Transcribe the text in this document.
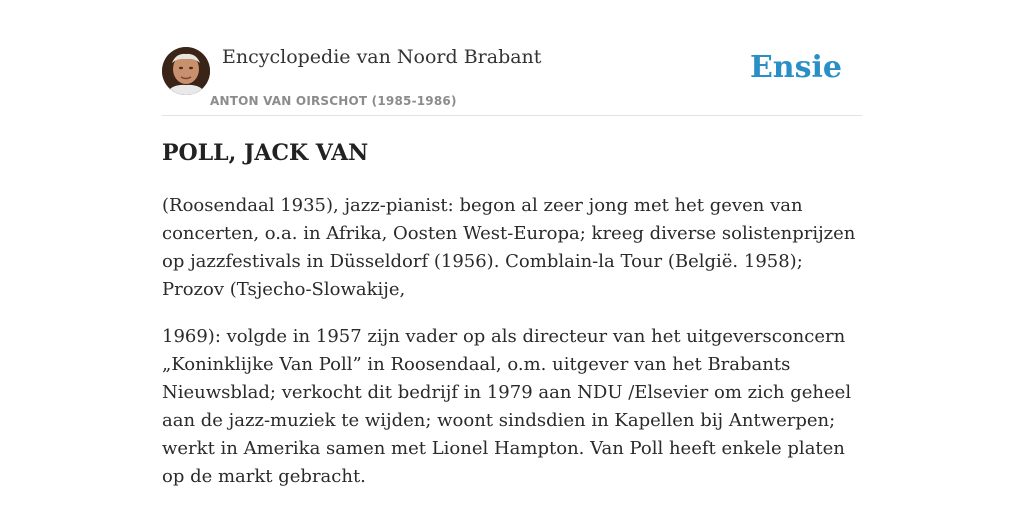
Encyclopedie van Noord Brabant
ANTON VAN OIRSCHOT (1985-1986)
Ensie
POLL, JACK VAN

(Roosendaal 1935), jazz-pianist: begon al zeer jong met het geven van concerten, o.a. in Afrika, Oosten West-Europa; kreeg diverse solistenprijzen op jazzfestivals in Düsseldorf (1956). Comblain-la Tour (België. 1958); Prozov (Tsjecho-Slowakije,

1969): volgde in 1957 zijn vader op als directeur van het uitgeversconcern „Koninklijke Van Poll” in Roosendaal, o.m. uitgever van het Brabants Nieuwsblad; verkocht dit bedrijf in 1979 aan NDU /Elsevier om zich geheel aan de jazz-muziek te wijden; woont sindsdien in Kapellen bij Antwerpen; werkt in Amerika samen met Lionel Hampton. Van Poll heeft enkele platen op de markt gebracht.
